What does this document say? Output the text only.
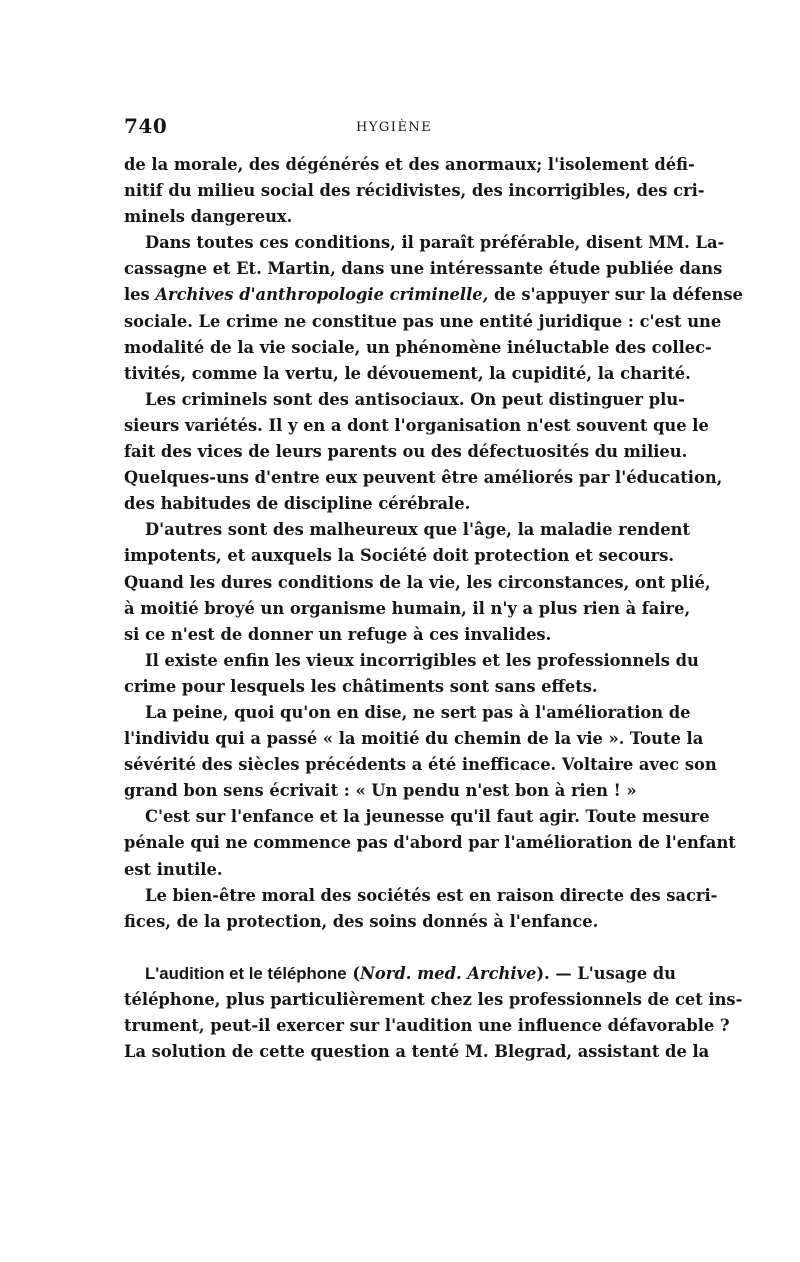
740	HYGIÈNE
de la morale, des dégénérés et des anormaux; l'isolement défi-
nitif du milieu social des récidivistes, des incorrigibles, des cri-
minels dangereux.
Dans toutes ces conditions, il paraît préférable, disent MM. La-
cassagne et Et. Martin, dans une intéressante étude publiée dans
les Archives d'anthropologie criminelle, de s'appuyer sur la défense
sociale. Le crime ne constitue pas une entité juridique : c'est une
modalité de la vie sociale, un phénomène inéluctable des collec-
tivités, comme la vertu, le dévouement, la cupidité, la charité.
Les criminels sont des antisociaux. On peut distinguer plu-
sieurs variétés. Il y en a dont l'organisation n'est souvent que le
fait des vices de leurs parents ou des défectuosités du milieu.
Quelques-uns d'entre eux peuvent être améliorés par l'éducation,
des habitudes de discipline cérébrale.
D'autres sont des malheureux que l'âge, la maladie rendent
impotents, et auxquels la Société doit protection et secours.
Quand les dures conditions de la vie, les circonstances, ont plié,
à moitié broyé un organisme humain, il n'y a plus rien à faire,
si ce n'est de donner un refuge à ces invalides.
Il existe enfin les vieux incorrigibles et les professionnels du
crime pour lesquels les châtiments sont sans effets.
La peine, quoi qu'on en dise, ne sert pas à l'amélioration de
l'individu qui a passé « la moitié du chemin de la vie ». Toute la
sévérité des siècles précédents a été inefficace. Voltaire avec son
grand bon sens écrivait : « Un pendu n'est bon à rien ! »
C'est sur l'enfance et la jeunesse qu'il faut agir. Toute mesure
pénale qui ne commence pas d'abord par l'amélioration de l'enfant
est inutile.
Le bien-être moral des sociétés est en raison directe des sacri-
fices, de la protection, des soins donnés à l'enfance.
L'audition et le téléphone (Nord. med. Archive). — L'usage du
téléphone, plus particulièrement chez les professionnels de cet ins-
trument, peut-il exercer sur l'audition une influence défavorable ?
La solution de cette question a tenté M. Blegrad, assistant de la
